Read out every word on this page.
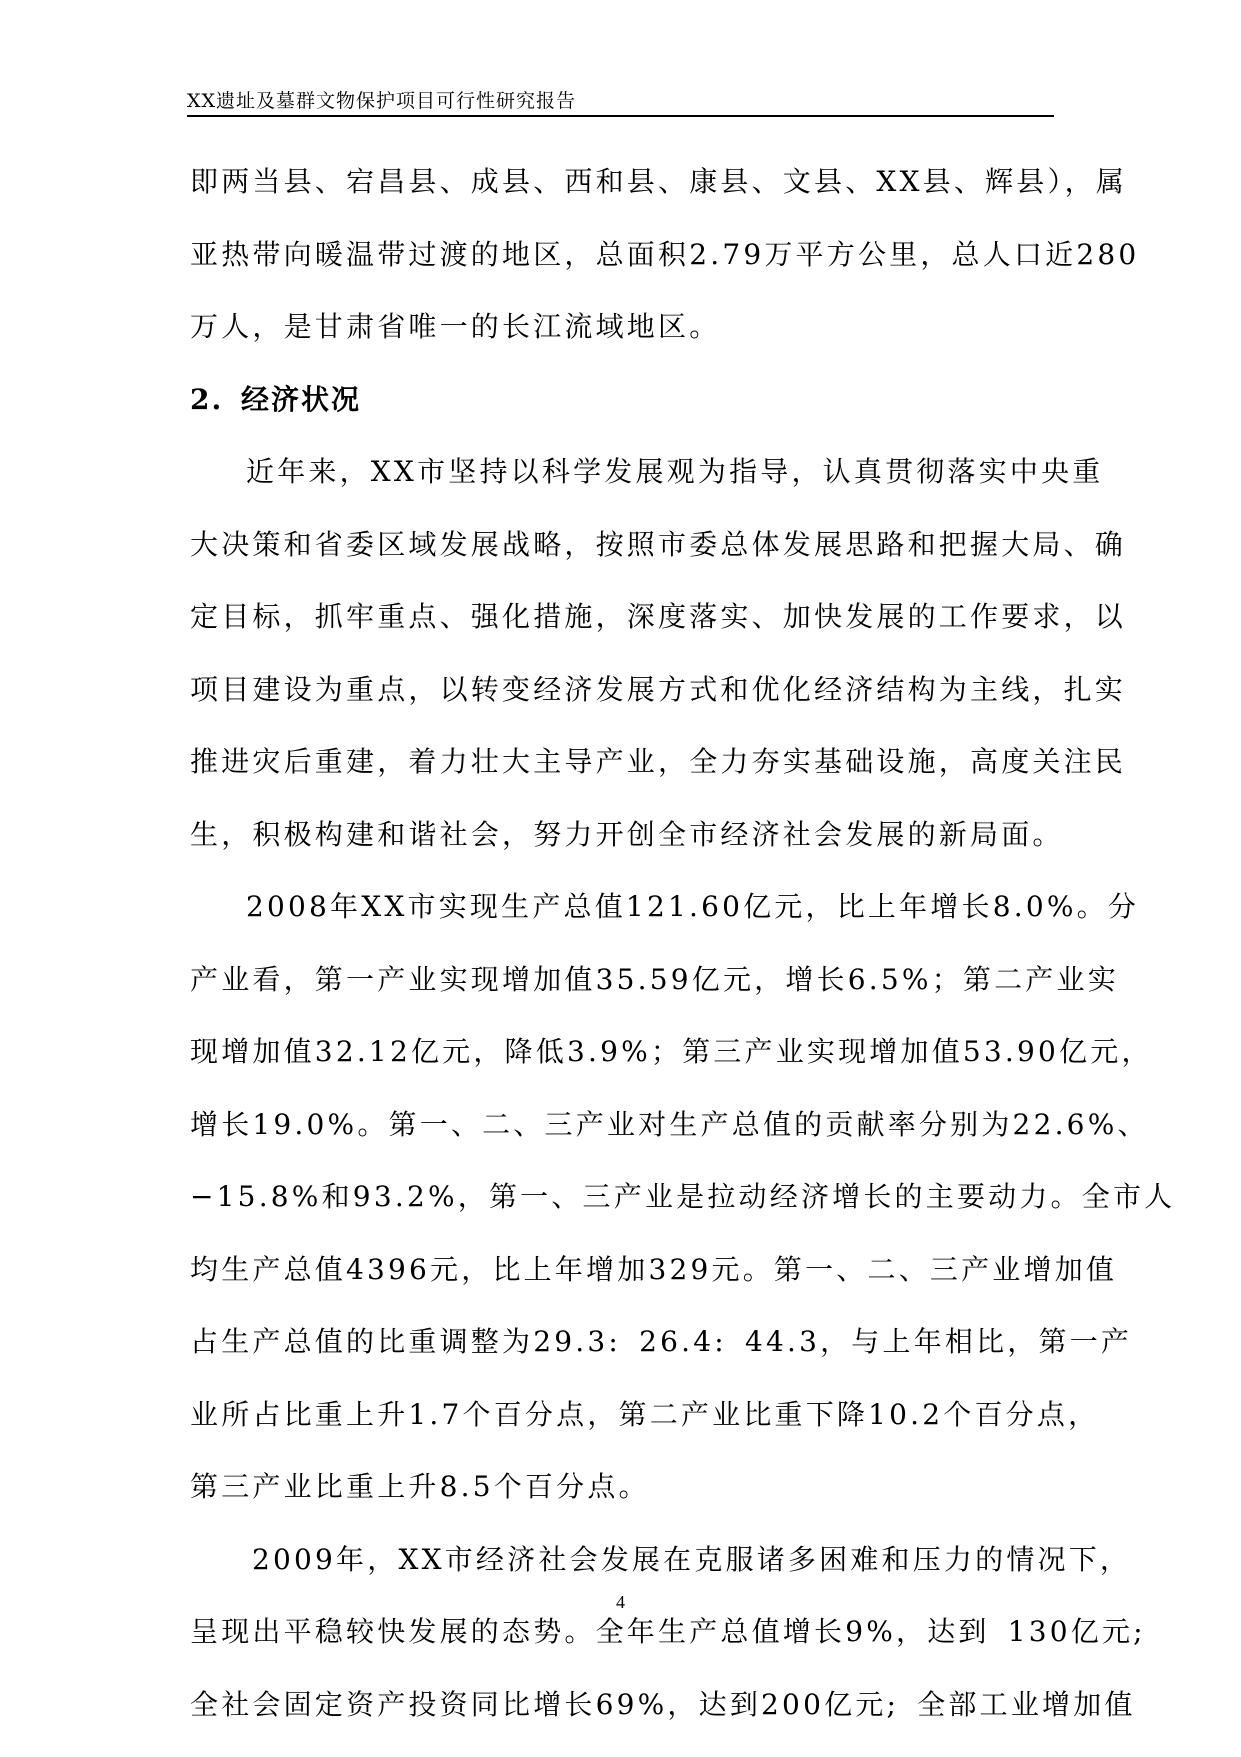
XX遗址及墓群文物保护项目可行性研究报告
即两当县、宕昌县、成县、西和县、康县、文县、XX县、辉县），属
亚热带向暖温带过渡的地区，总面积2.79万平方公里，总人口近280
万人，是甘肃省唯一的长江流域地区。
2. 经济状况
近年来，XX市坚持以科学发展观为指导，认真贯彻落实中央重
大决策和省委区域发展战略，按照市委总体发展思路和把握大局、确
定目标，抓牢重点、强化措施，深度落实、加快发展的工作要求，以
项目建设为重点，以转变经济发展方式和优化经济结构为主线，扎实
推进灾后重建，着力壮大主导产业，全力夯实基础设施，高度关注民
生，积极构建和谐社会，努力开创全市经济社会发展的新局面。
2008年XX市实现生产总值121.60亿元，比上年增长8.0%。分
产业看，第一产业实现增加值35.59亿元，增长6.5%；第二产业实
现增加值32.12亿元，降低3.9%；第三产业实现增加值53.90亿元，
增长19.0%。第一、二、三产业对生产总值的贡献率分别为22.6%、
−15.8%和93.2%，第一、三产业是拉动经济增长的主要动力。全市人
均生产总值4396元，比上年增加329元。第一、二、三产业增加值
占生产总值的比重调整为29.3: 26.4: 44.3，与上年相比，第一产
业所占比重上升1.7个百分点，第二产业比重下降10.2个百分点，
第三产业比重上升8.5个百分点。
2009年，XX市经济社会发展在克服诸多困难和压力的情况下，
呈现出平稳较快发展的态势。全年生产总值增长9%，达到 130亿元;
全社会固定资产投资同比增长69%，达到200亿元; 全部工业增加值
4
